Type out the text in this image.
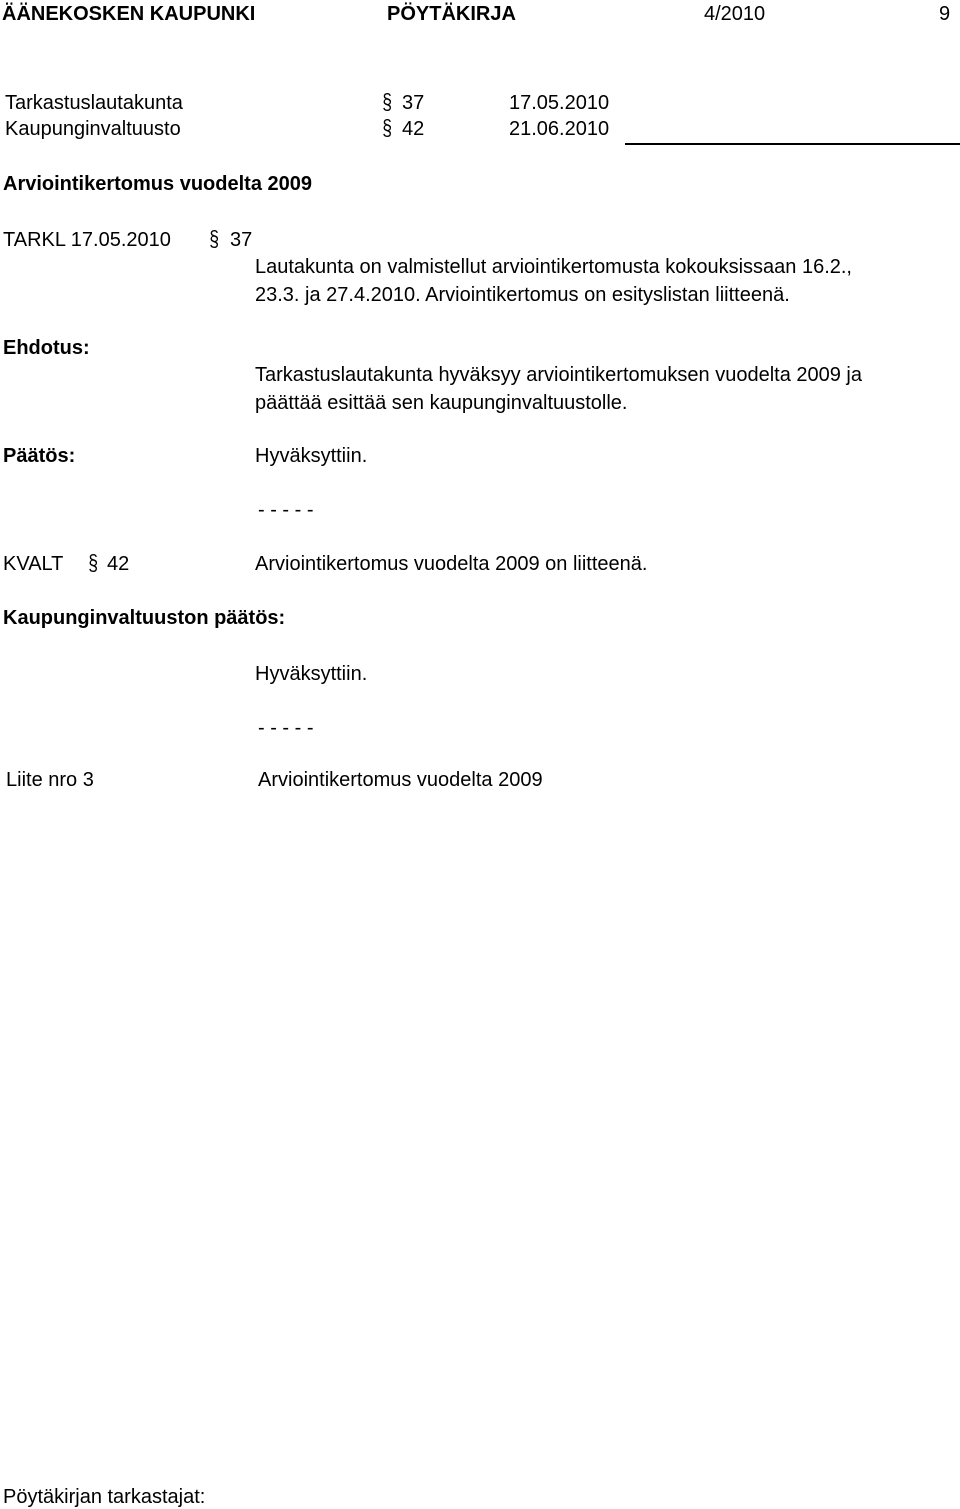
ÄÄNEKOSKEN KAUPUNKI	PÖYTÄKIRJA	4/2010	9
Tarkastuslautakunta	§ 37	17.05.2010
Kaupunginvaltuusto	§ 42	21.06.2010
Arviointikertomus vuodelta 2009
TARKL 17.05.2010 § 37
Lautakunta on valmistellut arviointikertomusta kokouksissaan 16.2.,
23.3. ja 27.4.2010. Arviointikertomus on esityslistan liitteenä.
Ehdotus:
Tarkastuslautakunta hyväksyy arviointikertomuksen vuodelta 2009 ja
päättää esittää sen kaupunginvaltuustolle.
Päätös:	Hyväksyttiin.
- - - - -
KVALT § 42	Arviointikertomus vuodelta 2009 on liitteenä.
Kaupunginvaltuuston päätös:
Hyväksyttiin.
- - - - -
Liite nro 3	Arviointikertomus vuodelta 2009
Pöytäkirjan tarkastajat:
